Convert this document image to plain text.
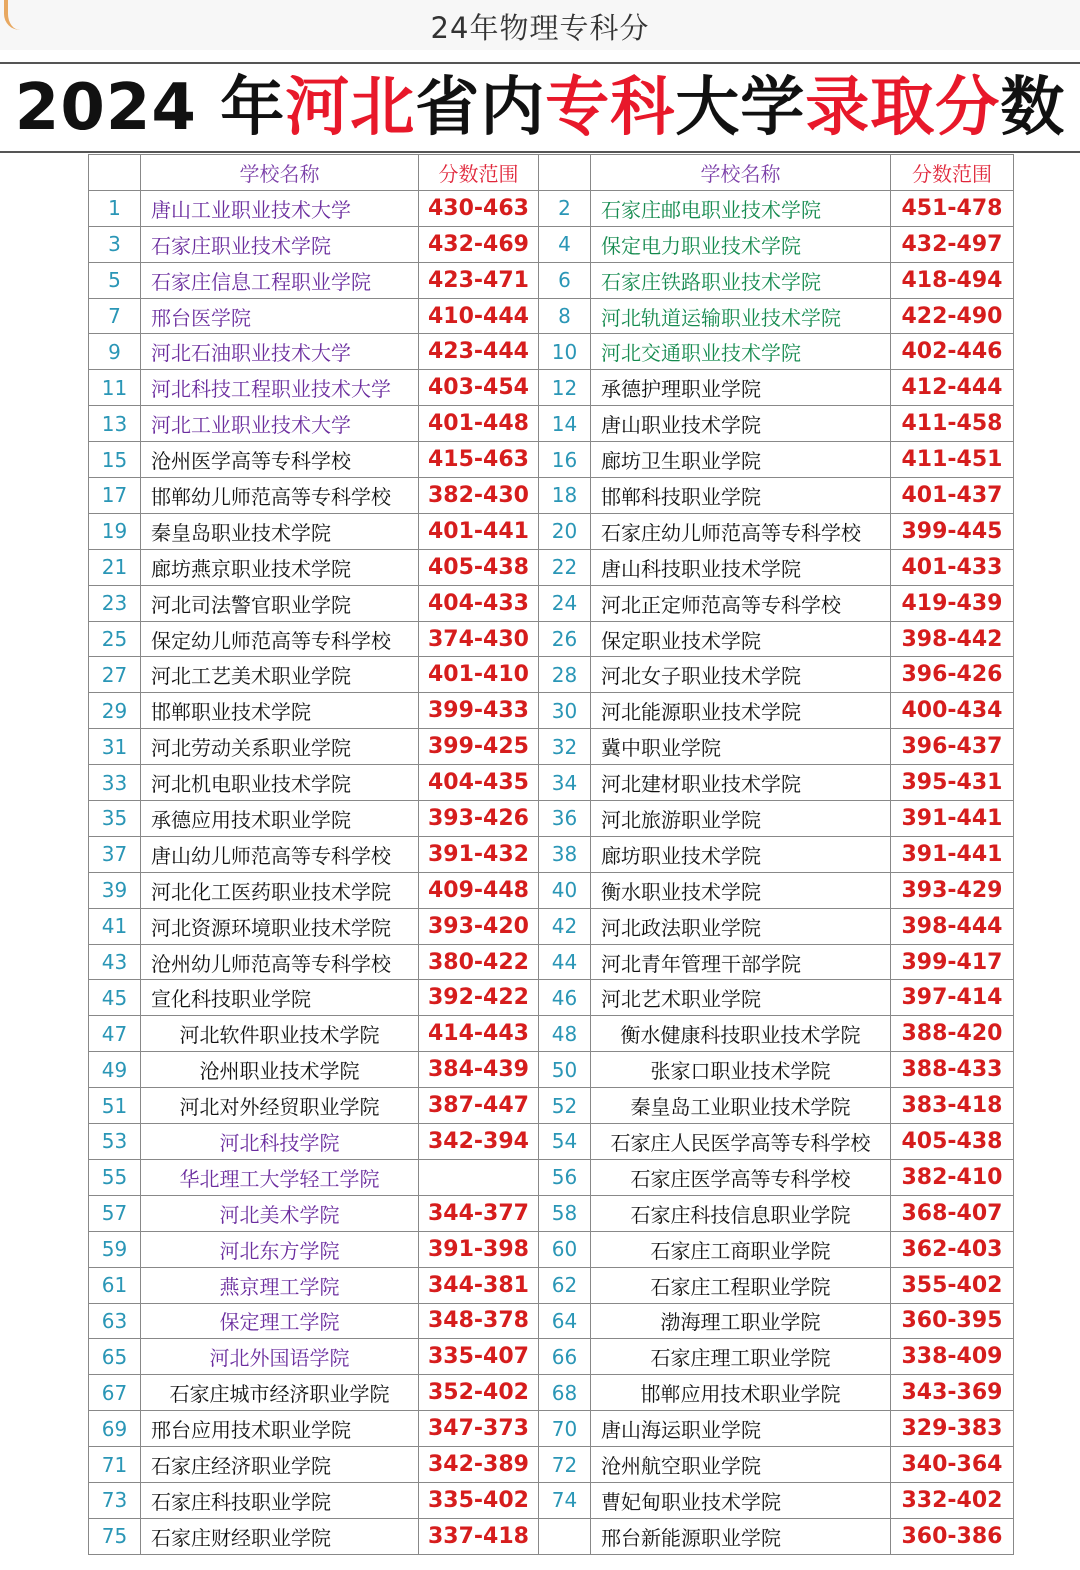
24年物理专科分
2024 年河北省内专科大学录取分数
	学校名称	分数范围		学校名称	分数范围
1	唐山工业职业技术大学	430-463	2	石家庄邮电职业技术学院	451-478
3	石家庄职业技术学院	432-469	4	保定电力职业技术学院	432-497
5	石家庄信息工程职业学院	423-471	6	石家庄铁路职业技术学院	418-494
7	邢台医学院	410-444	8	河北轨道运输职业技术学院	422-490
9	河北石油职业技术大学	423-444	10	河北交通职业技术学院	402-446
11	河北科技工程职业技术大学	403-454	12	承德护理职业学院	412-444
13	河北工业职业技术大学	401-448	14	唐山职业技术学院	411-458
15	沧州医学高等专科学校	415-463	16	廊坊卫生职业学院	411-451
17	邯郸幼儿师范高等专科学校	382-430	18	邯郸科技职业学院	401-437
19	秦皇岛职业技术学院	401-441	20	石家庄幼儿师范高等专科学校	399-445
21	廊坊燕京职业技术学院	405-438	22	唐山科技职业技术学院	401-433
23	河北司法警官职业学院	404-433	24	河北正定师范高等专科学校	419-439
25	保定幼儿师范高等专科学校	374-430	26	保定职业技术学院	398-442
27	河北工艺美术职业学院	401-410	28	河北女子职业技术学院	396-426
29	邯郸职业技术学院	399-433	30	河北能源职业技术学院	400-434
31	河北劳动关系职业学院	399-425	32	冀中职业学院	396-437
33	河北机电职业技术学院	404-435	34	河北建材职业技术学院	395-431
35	承德应用技术职业学院	393-426	36	河北旅游职业学院	391-441
37	唐山幼儿师范高等专科学校	391-432	38	廊坊职业技术学院	391-441
39	河北化工医药职业技术学院	409-448	40	衡水职业技术学院	393-429
41	河北资源环境职业技术学院	393-420	42	河北政法职业学院	398-444
43	沧州幼儿师范高等专科学校	380-422	44	河北青年管理干部学院	399-417
45	宣化科技职业学院	392-422	46	河北艺术职业学院	397-414
47	河北软件职业技术学院	414-443	48	衡水健康科技职业技术学院	388-420
49	沧州职业技术学院	384-439	50	张家口职业技术学院	388-433
51	河北对外经贸职业学院	387-447	52	秦皇岛工业职业技术学院	383-418
53	河北科技学院	342-394	54	石家庄人民医学高等专科学校	405-438
55	华北理工大学轻工学院		56	石家庄医学高等专科学校	382-410
57	河北美术学院	344-377	58	石家庄科技信息职业学院	368-407
59	河北东方学院	391-398	60	石家庄工商职业学院	362-403
61	燕京理工学院	344-381	62	石家庄工程职业学院	355-402
63	保定理工学院	348-378	64	渤海理工职业学院	360-395
65	河北外国语学院	335-407	66	石家庄理工职业学院	338-409
67	石家庄城市经济职业学院	352-402	68	邯郸应用技术职业学院	343-369
69	邢台应用技术职业学院	347-373	70	唐山海运职业学院	329-383
71	石家庄经济职业学院	342-389	72	沧州航空职业学院	340-364
73	石家庄科技职业学院	335-402	74	曹妃甸职业技术学院	332-402
75	石家庄财经职业学院	337-418		邢台新能源职业学院	360-386
